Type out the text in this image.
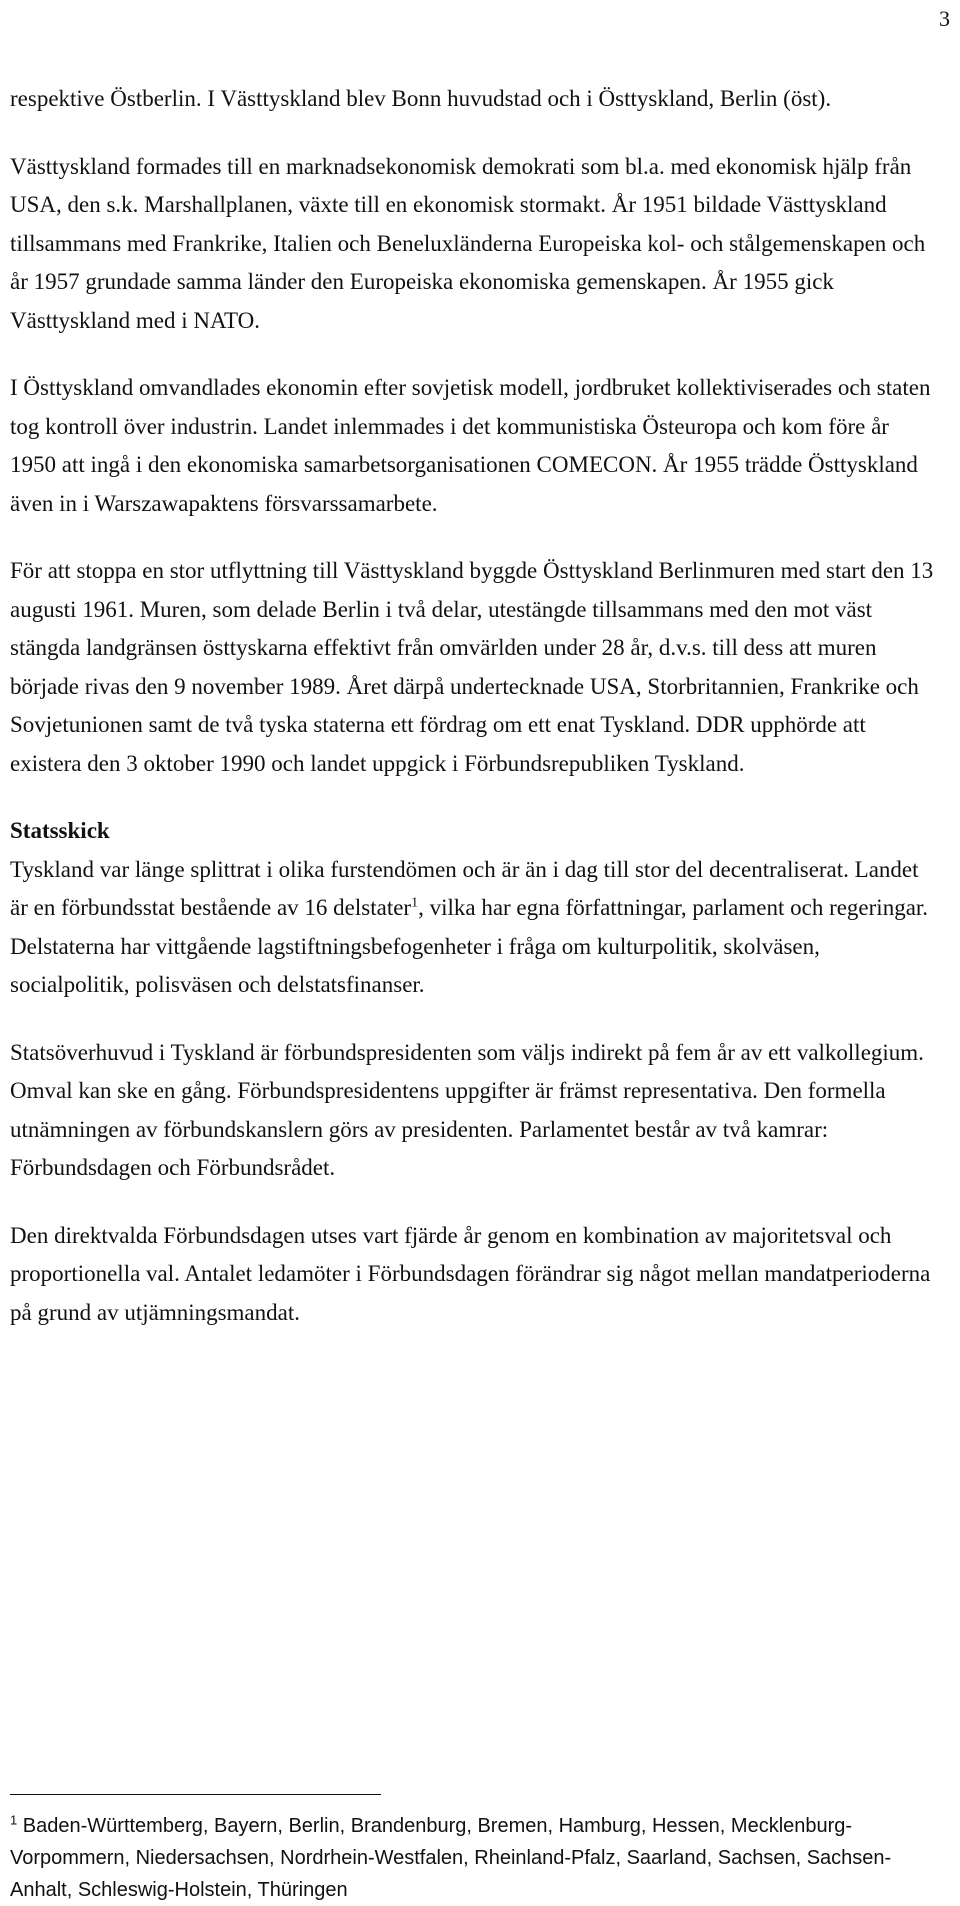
3

respektive Östberlin. I Västtyskland blev Bonn huvudstad och i Östtyskland, Berlin (öst).

Västtyskland formades till en marknadsekonomisk demokrati som bl.a. med ekonomisk hjälp från USA, den s.k. Marshallplanen, växte till en ekonomisk stormakt. År 1951 bildade Västtyskland tillsammans med Frankrike, Italien och Beneluxländerna Europeiska kol- och stålgemenskapen och år 1957 grundade samma länder den Europeiska ekonomiska gemenskapen. År 1955 gick Västtyskland med i NATO.

I Östtyskland omvandlades ekonomin efter sovjetisk modell, jordbruket kollektiviserades och staten tog kontroll över industrin. Landet inlemmades i det kommunistiska Östeuropa och kom före år 1950 att ingå i den ekonomiska samarbetsorganisationen COMECON. År 1955 trädde Östtyskland även in i Warszawapaktens försvarssamarbete.

För att stoppa en stor utflyttning till Västtyskland byggde Östtyskland Berlinmuren med start den 13 augusti 1961. Muren, som delade Berlin i två delar, utestängde tillsammans med den mot väst stängda landgränsen östtyskarna effektivt från omvärlden under 28 år, d.v.s. till dess att muren började rivas den 9 november 1989. Året därpå undertecknade USA, Storbritannien, Frankrike och Sovjetunionen samt de två tyska staterna ett fördrag om ett enat Tyskland. DDR upphörde att existera den 3 oktober 1990 och landet uppgick i Förbundsrepubliken Tyskland.

Statsskick

Tyskland var länge splittrat i olika furstendömen och är än i dag till stor del decentraliserat. Landet är en förbundsstat bestående av 16 delstater$^1$, vilka har egna författningar, parlament och regeringar. Delstaterna har vittgående lagstiftningsbefogenheter i fråga om kulturpolitik, skolväsen, socialpolitik, polisväsen och delstatsfinanser.

Statsöverhuvud i Tyskland är förbundspresidenten som väljs indirekt på fem år av ett valkollegium. Omval kan ske en gång. Förbundspresidentens uppgifter är främst representativa. Den formella utnämningen av förbundskanslern görs av presidenten. Parlamentet består av två kamrar: Förbundsdagen och Förbundsrådet.

Den direktvalda Förbundsdagen utses vart fjärde år genom en kombination av majoritetsval och proportionella val. Antalet ledamöter i Förbundsdagen förändrar sig något mellan mandatperioderna på grund av utjämningsmandat.

$^1$ Baden-Württemberg, Bayern, Berlin, Brandenburg, Bremen, Hamburg, Hessen, Mecklenburg-Vorpommern, Niedersachsen, Nordrhein-Westfalen, Rheinland-Pfalz, Saarland, Sachsen, Sachsen-Anhalt, Schleswig-Holstein, Thüringen
